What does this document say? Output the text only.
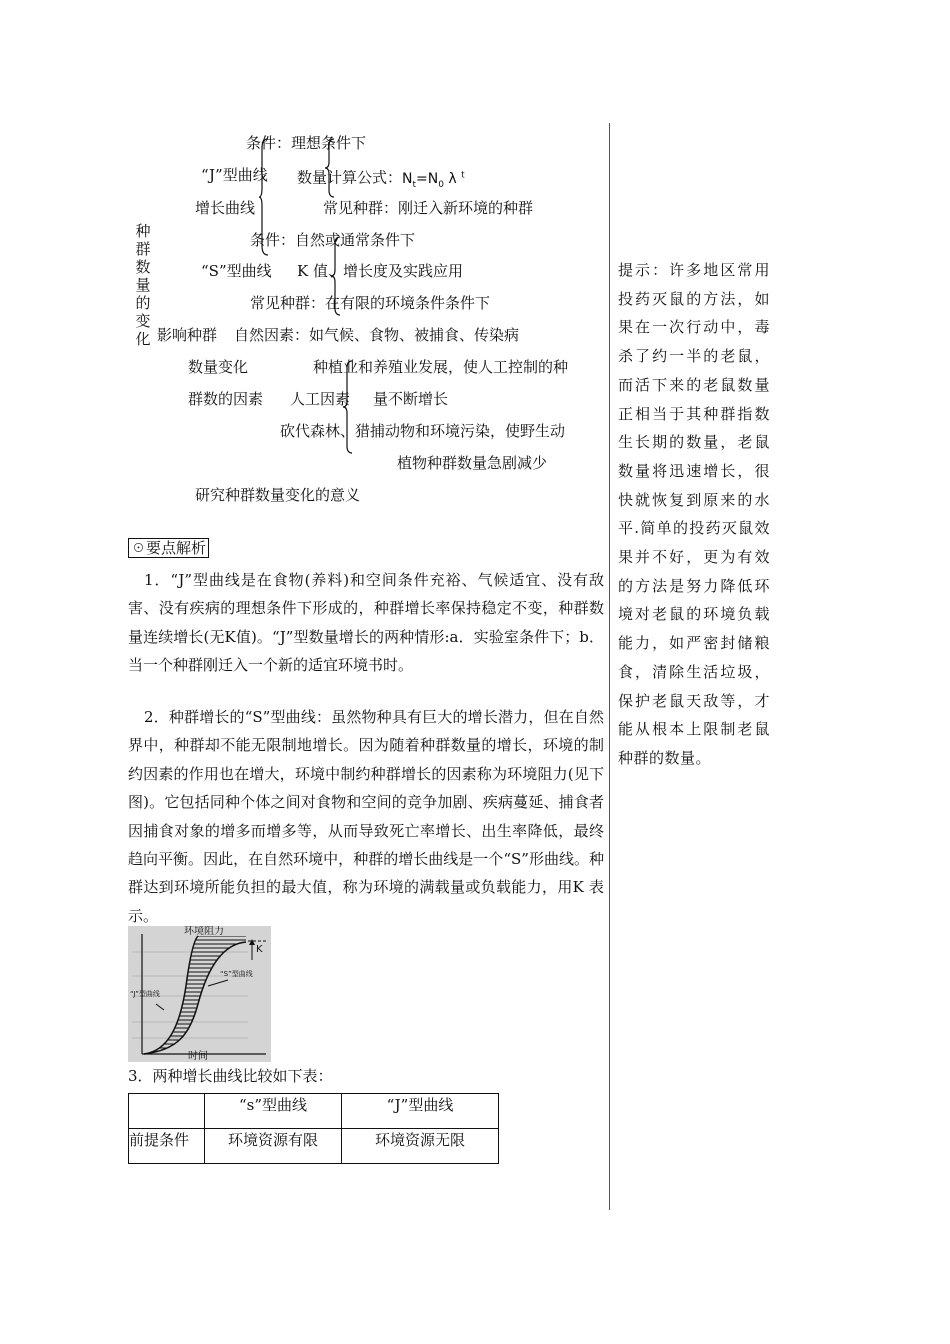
种
群
数
量
的
变
化
条件：理想条件下
“J”型曲线 数量计算公式：$N_t=N_0$ λ $^t$
增长曲线	常见种群：刚迁入新环境的种群
条件：自然或通常条件下
“S”型曲线 K 值、增长度及实践应用
常见种群：在有限的环境条件条件下
影响种群 自然因素：如气候、食物、被捕食、传染病
数量变化	种植业和养殖业发展，使人工控制的种
群数的因素 人工因素 量不断增长
砍代森林、猎捕动物和环境污染，使野生动
植物种群数量急剧减少
研究种群数量变化的意义
☉要点解析
1．“J”型曲线是在食物(养料)和空间条件充裕、气候适宜、没有敌害、没有疾病的理想条件下形成的，种群增长率保持稳定不变，种群数量连续增长(无K值)。“J”型数量增长的两种情形:a．实验室条件下；b．当一个种群刚迁入一个新的适宜环境书时。
2．种群增长的“S”型曲线：虽然物种具有巨大的增长潜力，但在自然界中，种群却不能无限制地增长。因为随着种群数量的增长，环境的制约因素的作用也在增大，环境中制约种群增长的因素称为环境阻力(见下图)。它包括同种个体之间对食物和空间的竞争加剧、疾病蔓延、捕食者因捕食对象的增多而增多等，从而导致死亡率增长、出生率降低，最终趋向平衡。因此，在自然环境中，种群的增长曲线是一个“S”形曲线。种群达到环境所能负担的最大值，称为环境的满载量或负载能力，用K 表示。
环境阻力
K
“J”型曲线
“S”型曲线
时间
3．两种增长曲线比较如下表：
	“s”型曲线	“J”型曲线
前提条件	环境资源有限	环境资源无限
提示：许多地区常用投药灭鼠的方法，如果在一次行动中，毒杀了约一半的老鼠，而活下来的老鼠数量正相当于其种群指数生长期的数量，老鼠数量将迅速增长，很快就恢复到原来的水平.简单的投药灭鼠效果并不好，更为有效的方法是努力降低环境对老鼠的环境负载能力，如严密封储粮食，清除生活垃圾，保护老鼠天敌等，才能从根本上限制老鼠种群的数量。
